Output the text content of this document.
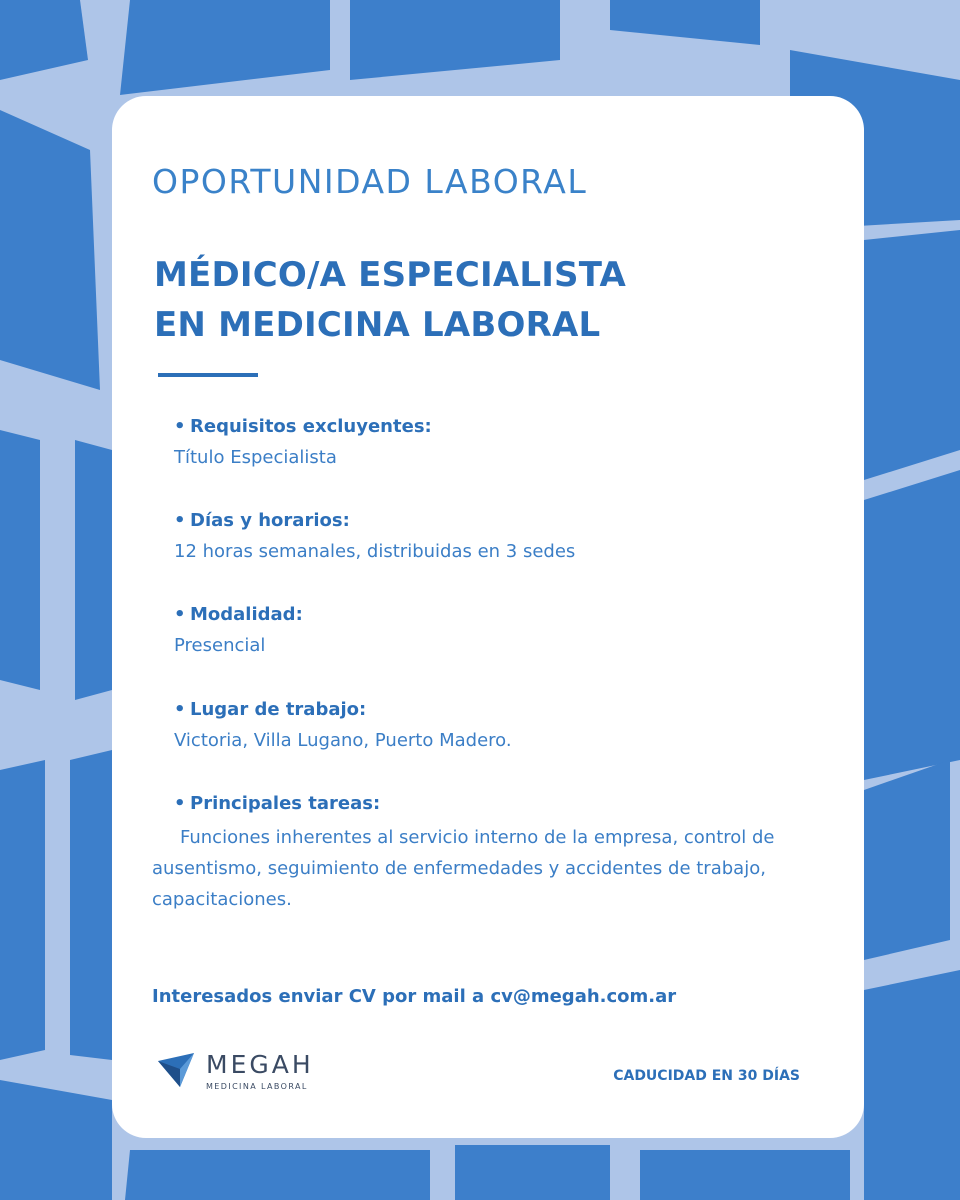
OPORTUNIDAD LABORAL
MÉDICO/A ESPECIALISTA
EN MEDICINA LABORAL
• Requisitos excluyentes:
Título Especialista
• Días y horarios:
12 horas semanales, distribuidas en 3 sedes
• Modalidad:
Presencial
• Lugar de trabajo:
Victoria, Villa Lugano, Puerto Madero.
• Principales tareas:
Funciones inherentes al servicio interno de la empresa, control de ausentismo, seguimiento de enfermedades y accidentes de trabajo, capacitaciones.
Interesados enviar CV por mail a cv@megah.com.ar
MEGAH
MEDICINA LABORAL
CADUCIDAD EN 30 DÍAS
